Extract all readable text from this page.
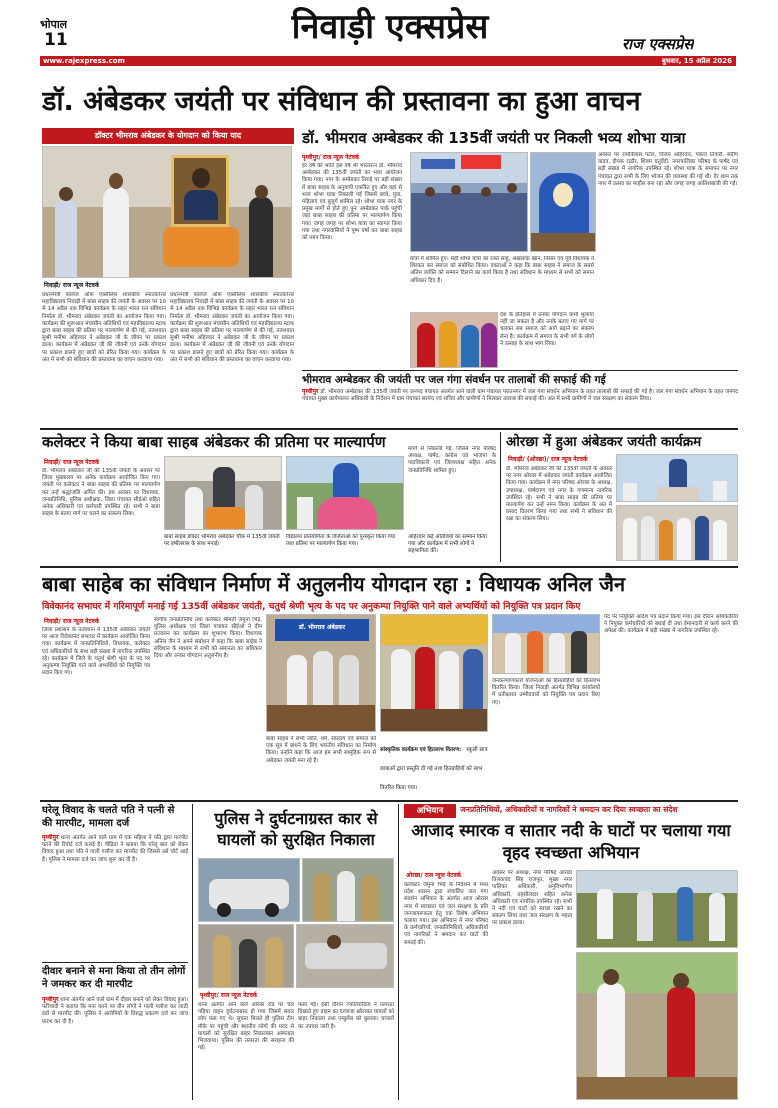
भोपाल
11	निवाड़ी एक्सप्रेस	राज एक्सप्रेस
www.rajexpress.com	बुधवार, 15 अप्रैल 2026
डॉ. अंबेडकर जयंती पर संविधान की प्रस्तावना का हुआ वाचन
डॉक्टर भीमराव अंबेडकर के योगदान को किया याद
निवाड़ी/ राज न्यूज नेटवर्क
प्रधानमंत्री कॉलेज ऑफ एक्सीलेंस शासकीय स्नातकोत्तर महाविद्यालय निवाड़ी में बाबा साहब की जयंती के अवसर पर 10 से 14 अप्रैल तक विभिन्न कार्यक्रम के तहत भारत रत्न संविधान निर्माता डॉ. भीमराव अंबेडकर जयंती का आयोजन किया गया। कार्यक्रम की शुरूआत मंचासीन अतिथियों एवं महाविद्यालय स्टाफ द्वारा बाबा साहब की प्रतिमा पर माल्यार्पण से की गई, तत्पश्चात सुश्री मनीषा अहिरवार ने अंबेडकर जी के जीवन पर प्रकाश डाला। कार्यक्रम में अंबेडकर जी की जीवनी एवं उनके योगदान पर प्रकाश डालते हुए छात्रों को प्रेरित किया गया। कार्यक्रम के अंत में सभी को संविधान की प्रस्तावना का वाचन करवाया गया।
प्रधानमंत्री कॉलेज ऑफ एक्सीलेंस शासकीय स्नातकोत्तर महाविद्यालय निवाड़ी में बाबा साहब की जयंती के अवसर पर 10 से 14 अप्रैल तक विभिन्न कार्यक्रम के तहत भारत रत्न संविधान निर्माता डॉ. भीमराव अंबेडकर जयंती का आयोजन किया गया। कार्यक्रम की शुरूआत मंचासीन अतिथियों एवं महाविद्यालय स्टाफ द्वारा बाबा साहब की प्रतिमा पर माल्यार्पण से की गई, तत्पश्चात सुश्री मनीषा अहिरवार ने अंबेडकर जी के जीवन पर प्रकाश डाला। कार्यक्रम में अंबेडकर जी की जीवनी एवं उनके योगदान पर प्रकाश डालते हुए छात्रों को प्रेरित किया गया। कार्यक्रम के अंत में सभी को संविधान की प्रस्तावना का वाचन करवाया गया।
डॉ. भीमराव अम्बेडकर की 135वीं जयंती पर निकली भव्य शोभा यात्रा
पृथ्वीपुर/ राज न्यूज नेटवर्क
हर वर्ष की भांति इस वर्ष भी भारतरत्न डॉ. भीमराव अम्बेडकर की 135वीं जयंती का भव्य आयोजन किया गया। नगर के अम्बेडकर तिराहे पर बड़ी संख्या में बाबा साहब के अनुयायी एकत्रित हुए और यहां से भव्य शोभा यात्रा निकाली गई जिसमें बच्चे, युवा, महिलाएं एवं बुजुर्ग शामिल रहे। शोभा यात्रा नगर के प्रमुख मार्गों से होते हुए पुनः अम्बेडकर पार्क पहुंची जहां बाबा साहब की प्रतिमा पर माल्यार्पण किया गया। जगह जगह पर शोभा यात्रा का स्वागत किया गया तथा नगरवासियों ने पुष्प वर्षा कर बाबा साहब को नमन किया।
यात्रा में शामिल हुए। सही शोभा यात्रा का रास्ते साहू, अखलाक खान, निसार एवं पूर्व विधायक ने शिरकत कर समाज को संबोधित किया। वक्ताओं ने कहा कि बाबा साहब ने समाज के सबसे अंतिम व्यक्ति को सम्मान दिलाने का कार्य किया है तथा संविधान के माध्यम से सभी को समान अधिकार दिए हैं।
देश के इतिहास में उनका योगदान कभी भुलाया नहीं जा सकता है और उनके बताए गए मार्ग पर चलकर सब समाज को आगे बढ़ाने का संकल्प लेना है। कार्यक्रम में समाज के सभी वर्ग के लोगों ने उत्साह के साथ भाग लिया।
अवसर पर रामविलास पटेल, विजय अहिरवार, पंकज तिवारी, संदीप यादव, दीपक राठौर, शिवम चतुर्वेदी, नगरपालिका परिषद के पार्षद एवं बड़ी संख्या में नागरिक उपस्थित रहे। शोभा यात्रा के समापन पर नगर पंचायत द्वारा सभी के लिए भोजन की व्यवस्था की गई थी। देर शाम तक नगर में उत्सव का माहौल बना रहा और जगह जगह आतिशबाजी की गई।
भीमराव अम्बेडकर की जयंती पर जल गंगा संवर्धन पर तालाबों की सफाई की गई
पृथ्वीपुर डॉ. भीमराव अम्बेडकर की 135वीं जयंती पर जनपद पंचायत अंतर्गत आने वाली ग्राम पंचायत परातनगर में जल गंगा संवर्धन अभियान के तहत तालाबों की सफाई की गई है। जल गंगा संवर्धन अभियान के तहत जनपद पंचायत मुख्य कार्यपालन अधिकारी के निर्देशन में ग्राम पंचायत सरपंच एवं सचिव और ग्रामीणों ने मिलकर तालाब की सफाई की। अंत में सभी ग्रामीणों ने जल संरक्षण का संकल्प लिया।
कलेक्टर ने किया बाबा साहब अंबेडकर की प्रतिमा पर माल्यार्पण
निवाड़ी/ राज न्यूज नेटवर्क
डॉ. भीमराव अंबेडकर जी की 135वीं जयंती के अवसर पर जिला मुख्यालय पर अनेक कार्यक्रम आयोजित किए गए। जयंती पर कलेक्टर ने बाबा साहब की प्रतिमा पर माल्यार्पण कर उन्हें श्रद्धांजलि अर्पित की। इस अवसर पर विधायक, जनप्रतिनिधि, पुलिस अधीक्षक, जिला पंचायत सीईओ सहित अनेक अधिकारी एवं कर्मचारी उपस्थित रहे। सभी ने बाबा साहब के बताए मार्ग पर चलने का संकल्प लिया।
मार्गों से निकाली गई, जिसमें नगर परिषद अध्यक्ष, पार्षद, कांग्रेस एवं भाजपा के पदाधिकारी एवं जिलाध्यक्ष सहित अनेक जनप्रतिनिधि शामिल हुए।
बाबा साहब डॉक्टर भीमराव अंबेडकर चौक में 135वीं जयंती पर हर्षोल्लास के साथ मनाई।
विद्यालय प्रतियोगिता के विजेताओं को पुरस्कृत किया गया तथा प्रतिमा पर माल्यार्पण किया गया।
अहिरवार कई अतिथियों का सम्मान किया गया और कार्यक्रम में सभी लोगों ने सहभागिता की।
ओरछा में हुआ अंबेडकर जयंती कार्यक्रम
निवाड़ी/ (ओरछा)/ राज न्यूज नेटवर्क
डॉ. भीमराव अंबेडकर जी की 135वीं जयंती के अवसर पर नगर ओरछा में अंबेडकर जयंती कार्यक्रम आयोजित किया गया। कार्यक्रम में नगर परिषद ओरछा के अध्यक्ष, उपाध्यक्ष, पार्षदगण एवं नगर के गणमान्य नागरिक उपस्थित रहे। सभी ने बाबा साहब की प्रतिमा पर माल्यार्पण कर उन्हें नमन किया। कार्यक्रम के अंत में प्रसाद वितरण किया गया तथा सभी ने संविधान की रक्षा का संकल्प लिया।
बाबा साहेब का संविधान निर्माण में अतुलनीय योगदान रहा : विधायक अनिल जैन
विवेकानंद सभाघर में गरिमापूर्ण मनाई गई 135वीं अंबेडकर जयंती, चतुर्थ श्रेणी भृत्य के पद पर अनुकम्पा नियुक्ति पाने वाले अभ्यर्थियों को नियुक्ति पत्र प्रदान किए
निवाड़ी/ राज न्यूज नेटवर्क
जिला प्रशासन के तत्वाधान में 135वीं अंबेडकर जयंती पर आज विवेकानंद सभाघर में कार्यक्रम आयोजित किया गया। कार्यक्रम में जनप्रतिनिधियों, विधायक, कलेक्टर एवं अधिकारियों के साथ बड़ी संख्या में नागरिक उपस्थित रहे। कार्यक्रम में जिले के चतुर्थ श्रेणी भृत्य के पद पर अनुकम्पा नियुक्ति पाने वाले अभ्यर्थियों को नियुक्ति पत्र प्रदान किए गए।
स्वर्गीय जनप्रतिनिधि तथा कलेक्टर श्रीमती जमुना भिड़े, पुलिस अधीक्षक एवं जिला पंचायत सीईओ ने दीप प्रज्वलन कर कार्यक्रम का शुभारंभ किया। विधायक अनिल जैन ने अपने संबोधन में कहा कि बाबा साहेब ने संविधान के माध्यम से सभी को समानता का अधिकार दिया और उनका योगदान अतुलनीय है।
डॉ. भीमराव अंबेडकर
बाबा साहब ने सभी जाति, धर्म, संप्रदाय एवं समाज को एक सूत्र में बांधने के लिए भारतीय संविधान का निर्माण किया। उन्होंने कहा कि आज हम सभी सामूहिक रूप से अंबेडकर जयंती मना रहे हैं।
सांस्कृतिक कार्यक्रम एवं हितलाभ वितरण: स्कूली छात्र छात्राओं द्वारा प्रस्तुति दी गई तथा हितग्राहियों को लाभ वितरित किया गया।
जनकल्याणकारी योजनाओं का हितग्राहियों को हितलाभ वितरित किया। जिला निवाड़ी अंतर्गत विभिन्न कार्यालयों में प्रतीक्षारत उम्मीदवारों को नियुक्ति पत्र प्रदान किए गए।
पद पर नियुक्ति आदेश पत्र प्रदान किया गया। इस दौरान अधिकारियों ने नियुक्त कर्मचारियों को बधाई दी तथा ईमानदारी से कार्य करने की अपेक्षा की। कार्यक्रम में बड़ी संख्या में नागरिक उपस्थित रहे।
घरेलू विवाद के चलते पति ने पत्नी से की मारपीट, मामला दर्ज
पृथ्वीपुर थाना अंतर्गत आने वाले ग्राम में एक महिला ने पति द्वारा मारपीट करने की रिपोर्ट दर्ज कराई है। पीड़िता ने बताया कि घरेलू बात को लेकर विवाद हुआ तथा पति ने गाली गलौज कर मारपीट की जिससे उसे चोटें आई हैं। पुलिस ने मामला दर्ज कर जांच शुरू कर दी है।
दीवार बनाने से मना किया तो तीन लोगों ने जमकर कर दी मारपीट
पृथ्वीपुर थाना अंतर्गत आने वाले ग्राम में दीवार बनाने को लेकर विवाद हुआ। फरियादी ने बताया कि मना करने पर तीन लोगों ने गाली गलौज कर लाठी डंडों से मारपीट की। पुलिस ने आरोपियों के विरुद्ध प्रकरण दर्ज कर जांच प्रारंभ कर दी है।
पुलिस ने दुर्घटनाग्रस्त कार से घायलों को सुरक्षित निकाला
पृथ्वीपुर/ राज न्यूज नेटवर्क
थाना अंतर्गत आने वाले ओरछा रोड पर चार पहिया वाहन दुर्घटनाग्रस्त हो गया जिसमें सवार लोग फंस गए थे। सूचना मिलते ही पुलिस टीम मौके पर पहुंची और स्थानीय लोगों की मदद से घायलों को सुरक्षित बाहर निकालकर अस्पताल भिजवाया। पुलिस की तत्परता की सराहना की गई।
फंसा गई। इसी दौरान ज्योतिरादित्य ने तत्परता दिखाते हुए वाहन का दरवाजा खोलकर घायलों को बाहर निकाला तथा एम्बुलेंस को बुलाया। घायलों का उपचार जारी है।
अभियान	जनप्रतिनिधियों, अधिकारियों व नागरिकों ने श्रमदान कर दिया स्वच्छता का संदेश
आजाद स्मारक व सातार नदी के घाटों पर चलाया गया वृहद स्वच्छता अभियान
ओरछा/ राज न्यूज नेटवर्क
कलेक्टर जमुना भिड़े के निर्देशन में मध्य प्रदेश शासन द्वारा संचालित जल गंगा संवर्धन अभियान के अंतर्गत आज ओरछा नगर में स्वच्छता एवं जल संरक्षण के प्रति जनजागरूकता हेतु एक विशेष अभियान चलाया गया। इस अभियान में नगर परिषद के कर्मचारियों, जनप्रतिनिधियों, अधिकारियों एवं नागरिकों ने श्रमदान कर घाटों की सफाई की।
अवसर पर अध्यक्ष, नगर परिषद ओरछा तिलकचंद सिंह राजपूत, मुख्य नगर पालिका अधिकारी, अनुविभागीय अधिकारी, तहसीलदार सहित अनेक अधिकारी एवं नागरिक उपस्थित रहे। सभी ने नदी एवं घाटों को स्वच्छ रखने का संकल्प लिया तथा जल संरक्षण के महत्व पर प्रकाश डाला।
